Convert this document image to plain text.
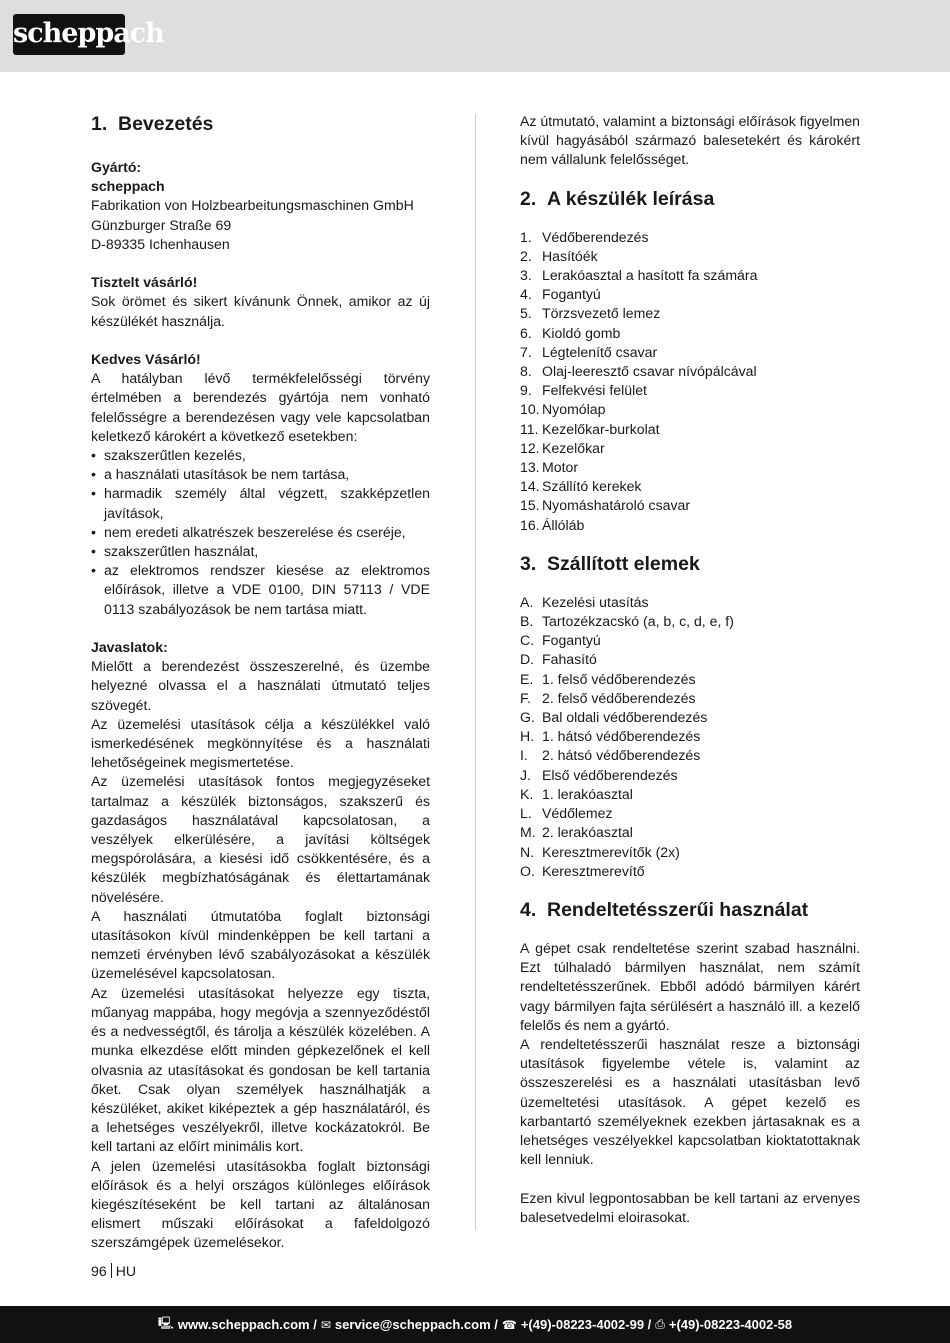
scheppach
1. Bevezetés

Gyártó:

scheppach

Fabrikation von Holzbearbeitungsmaschinen GmbH

Günzburger Straße 69

D-89335 Ichenhausen

Tisztelt vásárló!

Sok örömet és sikert kívánunk Önnek, amikor az új készülékét használja.

Kedves Vásárló!

A hatályban lévő termékfelelősségi törvény értelmében a berendezés gyártója nem vonható felelősségre a berendezésen vagy vele kapcsolatban keletkező károkért a következő esetekben:

• szakszerűtlen kezelés,
• a használati utasítások be nem tartása,
• harmadik személy által végzett, szakképzetlen javítások,
• nem eredeti alkatrészek beszerelése és cseréje,
• szakszerűtlen használat,
• az elektromos rendszer kiesése az elektromos előírások, illetve a VDE 0100, DIN 57113 / VDE 0113 szabályozások be nem tartása miatt.

Javaslatok:

Mielőtt a berendezést összeszerelné, és üzembe helyezné olvassa el a használati útmutató teljes szövegét.

Az üzemelési utasítások célja a készülékkel való ismerkedésének megkönnyítése és a használati lehetőségeinek megismertetése.

Az üzemelési utasítások fontos megjegyzéseket tartalmaz a készülék biztonságos, szakszerű és gazdaságos használatával kapcsolatosan, a veszélyek elkerülésére, a javítási költségek megspórolására, a kiesési idő csökkentésére, és a készülék megbízhatóságának és élettartamának növelésére.

A használati útmutatóba foglalt biztonsági utasításokon kívül mindenképpen be kell tartani a nemzeti érvényben lévő szabályozásokat a készülék üzemelésével kapcsolatosan.

Az üzemelési utasításokat helyezze egy tiszta, műanyag mappába, hogy megóvja a szennyeződéstől és a nedvességtől, és tárolja a készülék közelében. A munka elkezdése előtt minden gépkezelőnek el kell olvasnia az utasításokat és gondosan be kell tartania őket. Csak olyan személyek használhatják a készüléket, akiket kiképeztek a gép használatáról, és a lehetséges veszélyekről, illetve kockázatokról. Be kell tartani az előírt minimális kort.

A jelen üzemelési utasításokba foglalt biztonsági előírások és a helyi országos különleges előírások kiegészítéseként be kell tartani az általánosan elismert műszaki előírásokat a fafeldolgozó szerszámgépek üzemelésekor.

Az útmutató, valamint a biztonsági előírások figyelmen kívül hagyásából származó balesetekért és károkért nem vállalunk felelősséget.

2. A készülék leírása
1. Védőberendezés
2. Hasítóék
3. Lerakóasztal a hasított fa számára
4. Fogantyú
5. Törzsvezető lemez
6. Kioldó gomb
7. Légtelenítő csavar
8. Olaj-leeresztő csavar nívópálcával
9. Felfekvési felület
10. Nyomólap
11. Kezelőkar-burkolat
12. Kezelőkar
13. Motor
14. Szállító kerekek
15. Nyomáshatároló csavar
16. Állóláb
3. Szállított elemek
A. Kezelési utasítás
B. Tartozékzacskó (a, b, c, d, e, f)
C. Fogantyú
D. Fahasító
E. 1. felső védőberendezés
F. 2. felső védőberendezés
G. Bal oldali védőberendezés
H. 1. hátsó védőberendezés
I.	2. hátsó védőberendezés
J. Első védőberendezés
K. 1. lerakóasztal
L. Védőlemez
M. 2. lerakóasztal
N. Keresztmerevítők (2x)
O. Keresztmerevítő
4. Rendeltetésszerűi használat

A gépet csak rendeltetése szerint szabad használni. Ezt túlhaladó bármilyen használat, nem számít rendeltetésszerűnek. Ebből adódó bármilyen kárért vagy bármilyen fajta sérülésért a használó ill. a kezelő felelős és nem a gyártó.

A rendeltetésszerűi használat resze a biztonsági utasítások figyelembe vétele is, valamint az összeszerelési es a használati utasításban levő üzemeltetési utasítások. A gépet kezelő es karbantartó személyeknek ezekben jártasaknak es a lehetséges veszélyekkel kapcsolatban kioktatottaknak kell lenniuk.

Ezen kivul legpontosabban be kell tartani az ervenyes balesetvedelmi eloirasokat.

96 HU
🖳 www.scheppach.com / ✉ service@scheppach.com / ☎ +(49)-08223-4002-99 / ⎙ +(49)-08223-4002-58
